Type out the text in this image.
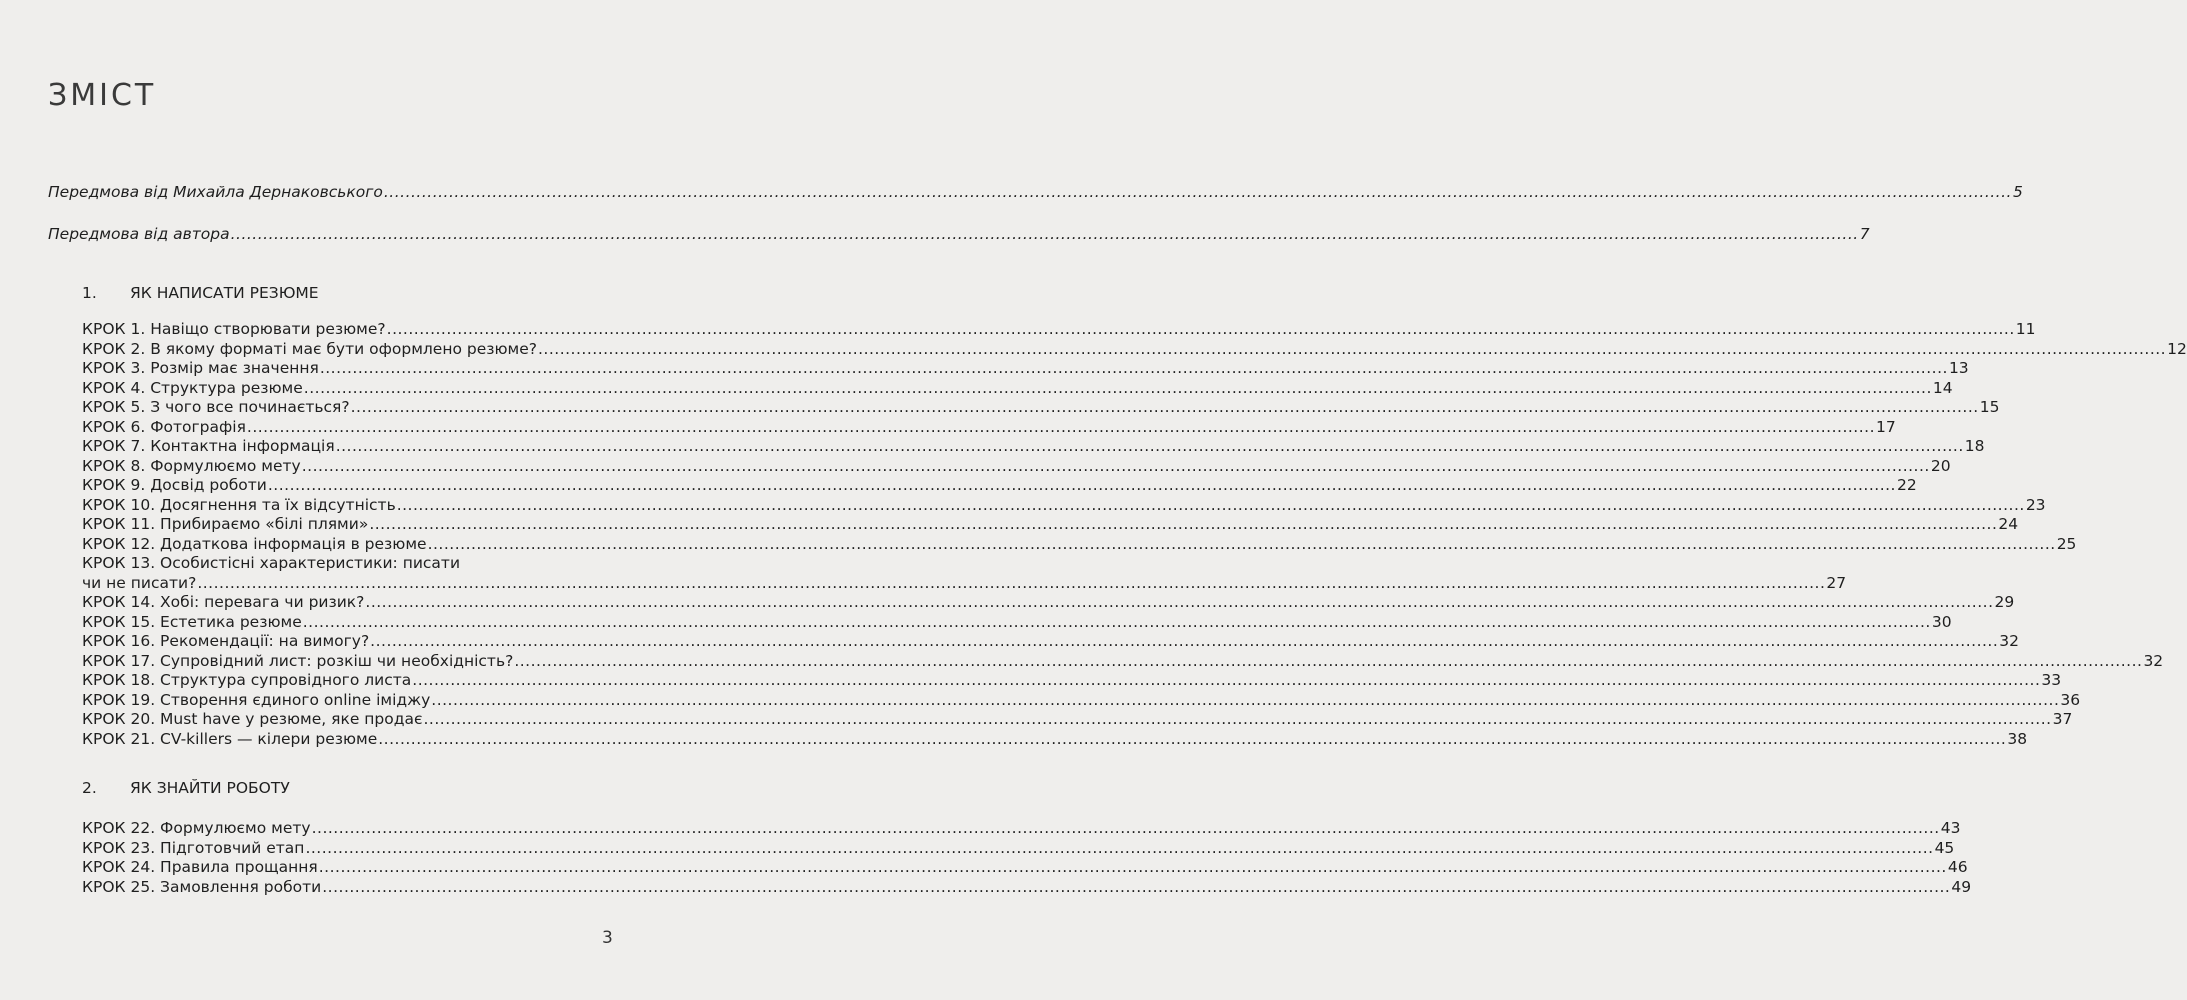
ЗМІСТ
Передмова від Михайла Дернаковського ............................................................................................................................................................................................................................................................................................................ 5
Передмова від автора ............................................................................................................................................................................................................................................................................................................ 7
1. ЯК НАПИСАТИ РЕЗЮМЕ
КРОК 1. Навіщо створювати резюме? ............................................................................................................................................................................................................................................................................................................ 11
КРОК 2. В якому форматі має бути оформлено резюме? ............................................................................................................................................................................................................................................................................................................ 12
КРОК 3. Розмір має значення ............................................................................................................................................................................................................................................................................................................ 13
КРОК 4. Структура резюме ............................................................................................................................................................................................................................................................................................................ 14
КРОК 5. З чого все починається? ............................................................................................................................................................................................................................................................................................................ 15
КРОК 6. Фотографія ............................................................................................................................................................................................................................................................................................................ 17
КРОК 7. Контактна інформація ............................................................................................................................................................................................................................................................................................................ 18
КРОК 8. Формулюємо мету ............................................................................................................................................................................................................................................................................................................ 20
КРОК 9. Досвід роботи ............................................................................................................................................................................................................................................................................................................ 22
КРОК 10. Досягнення та їх відсутність ............................................................................................................................................................................................................................................................................................................ 23
КРОК 11. Прибираємо «білі плями» ............................................................................................................................................................................................................................................................................................................ 24
КРОК 12. Додаткова інформація в резюме ............................................................................................................................................................................................................................................................................................................ 25
КРОК 13. Особистісні характеристики: писати
чи не писати? ............................................................................................................................................................................................................................................................................................................ 27
КРОК 14. Хобі: перевага чи ризик? ............................................................................................................................................................................................................................................................................................................ 29
КРОК 15. Естетика резюме ............................................................................................................................................................................................................................................................................................................ 30
КРОК 16. Рекомендації: на вимогу? ............................................................................................................................................................................................................................................................................................................ 32
КРОК 17. Супровідний лист: розкіш чи необхідність? ............................................................................................................................................................................................................................................................................................................ 32
КРОК 18. Структура супровідного листа ............................................................................................................................................................................................................................................................................................................ 33
КРОК 19. Створення єдиного online іміджу ............................................................................................................................................................................................................................................................................................................ 36
КРОК 20. Must have у резюме, яке продає ............................................................................................................................................................................................................................................................................................................ 37
КРОК 21. CV-killers — кілери резюме ............................................................................................................................................................................................................................................................................................................ 38
2. ЯК ЗНАЙТИ РОБОТУ
КРОК 22. Формулюємо мету ............................................................................................................................................................................................................................................................................................................ 43
КРОК 23. Підготовчий етап ............................................................................................................................................................................................................................................................................................................ 45
КРОК 24. Правила прощання ............................................................................................................................................................................................................................................................................................................ 46
КРОК 25. Замовлення роботи ............................................................................................................................................................................................................................................................................................................ 49
3
